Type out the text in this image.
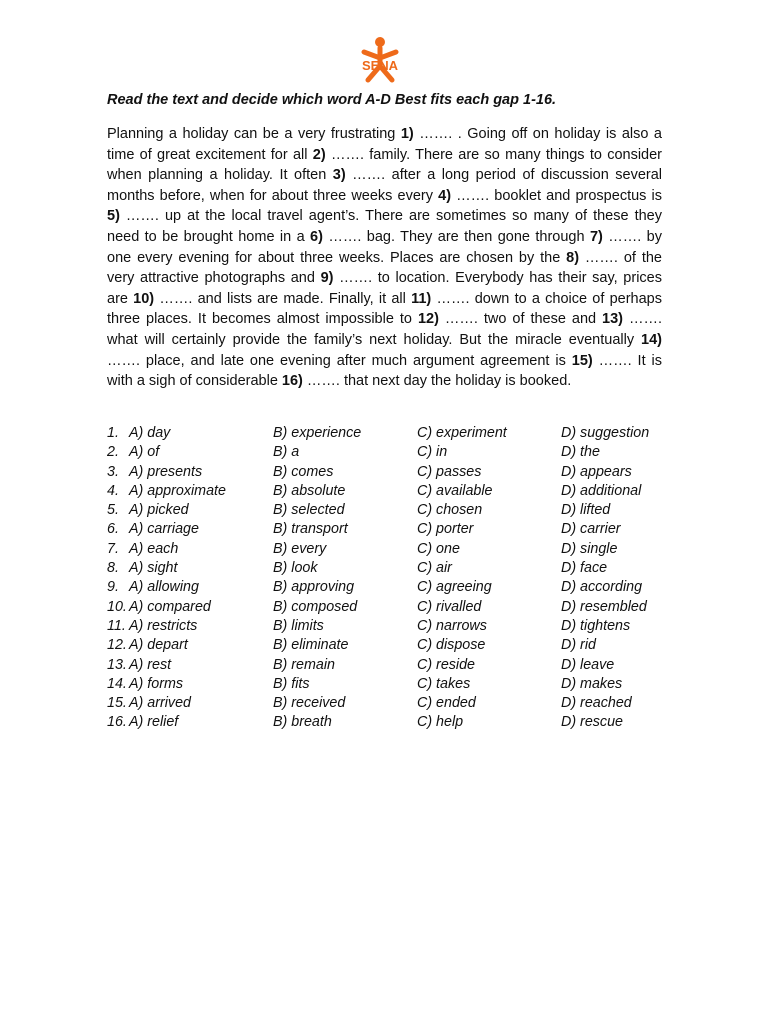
SENA

Read the text and decide which word A-D Best fits each gap 1-16.

Planning a holiday can be a very frustrating 1) ……. . Going off on holiday is also a time of great excitement for all 2) ……. family. There are so many things to consider when planning a holiday. It often 3) ……. after a long period of discussion several months before, when for about three weeks every 4) ……. booklet and prospectus is 5) ……. up at the local travel agent’s. There are sometimes so many of these they need to be brought home in a 6) ……. bag. They are then gone through 7) ……. by one every evening for about three weeks. Places are chosen by the 8) ……. of the very attractive photographs and 9) ……. to location. Everybody has their say, prices are 10) ……. and lists are made. Finally, it all 11) ……. down to a choice of perhaps three places. It becomes almost impossible to 12) ……. two of these and 13) ……. what will certainly provide the family’s next holiday. But the miracle eventually 14) ……. place, and late one evening after much argument agreement is 15) ……. It is with a sigh of considerable 16) ……. that next day the holiday is booked.

1. A) day	B) experience	C) experiment	D) suggestion
2. A) of	B) a	C) in	D) the
3. A) presents	B) comes	C) passes	D) appears
4. A) approximate	B) absolute	C) available	D) additional
5. A) picked	B) selected	C) chosen	D) lifted
6. A) carriage	B) transport	C) porter	D) carrier
7. A) each	B) every	C) one	D) single
8. A) sight	B) look	C) air	D) face
9. A) allowing	B) approving	C) agreeing	D) according
10. A) compared	B) composed	C) rivalled	D) resembled
11. A) restricts	B) limits	C) narrows	D) tightens
12. A) depart	B) eliminate	C) dispose	D) rid
13. A) rest	B) remain	C) reside	D) leave
14. A) forms	B) fits	C) takes	D) makes
15. A) arrived	B) received	C) ended	D) reached
16. A) relief	B) breath	C) help	D) rescue
